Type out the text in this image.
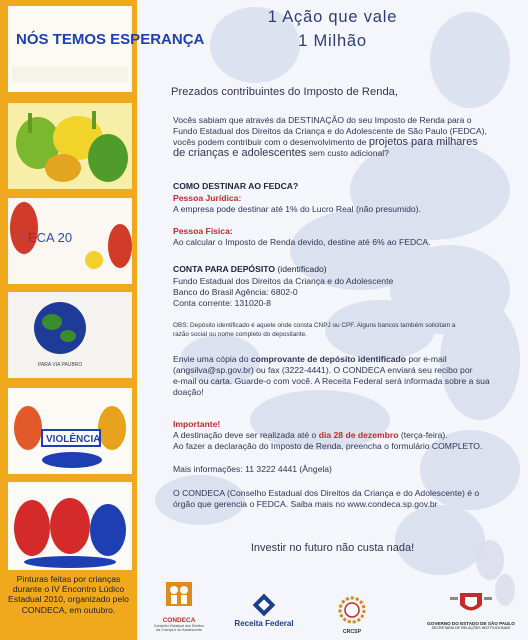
NÓS TEMOS ESPERANÇA
ECA 20
PARA VIA PAUBRO
VIOLÊNCIA
Pinturas feitas por crianças
durante o IV Encontro Lúdico
Estadual 2010, organizado pelo
CONDECA, em outubro.
1 Ação que vale
1 Milhão
Prezados contribuintes do Imposto de Renda,
Vocês sabiam que através da DESTINAÇÃO do seu Imposto de Renda para o
Fundo Estadual dos Direitos da Criança e do Adolescente de São Paulo (FEDCA),
vocês podem contribuir com o desenvolvimento de projetos para milhares
de crianças e adolescentes sem custo adicional?
COMO DESTINAR AO FEDCA?
Pessoa Jurídica:
A empresa pode destinar até 1% do Lucro Real (não presumido).
Pessoa Física:
Ao calcular o Imposto de Renda devido, destine até 6% ao FEDCA.
CONTA PARA DEPÓSITO (identificado)
Fundo Estadual dos Direitos da Criança e do Adolescente
Banco do Brasil Agência: 6802-0
Conta corrente: 131020-8
OBS: Depósito identificado é aquele onde consta CNPJ ou CPF. Alguns bancos também solicitam a
razão social ou nome completo do depositante.
Envie uma cópia do comprovante de depósito identificado por e-mail
(angsilva@sp.gov.br) ou fax (3222-4441). O CONDECA enviará seu recibo por
e-mail ou carta. Guarde-o com você. A Receita Federal será informada sobre a sua
doação!
Importante!
A destinação deve ser realizada até o dia 28 de dezembro (terça-feira).
Ao fazer a declaração do Imposto de Renda, preencha o formulário COMPLETO.
Mais informações: 11 3222 4441 (Ângela)
O CONDECA (Conselho Estadual dos Direitos da Criança e do Adolescente) é o
órgão que gerencia o FEDCA. Saiba mais no www.condeca.sp.gov.br
Investir no futuro não custa nada!
CONDECA
Conselho Estadual dos Direitos
da Criança e do Adolescente
Receita Federal
CRCSP
GOVERNO DO ESTADO DE SÃO PAULO
SECRETARIA DE RELAÇÕES INSTITUCIONAIS
